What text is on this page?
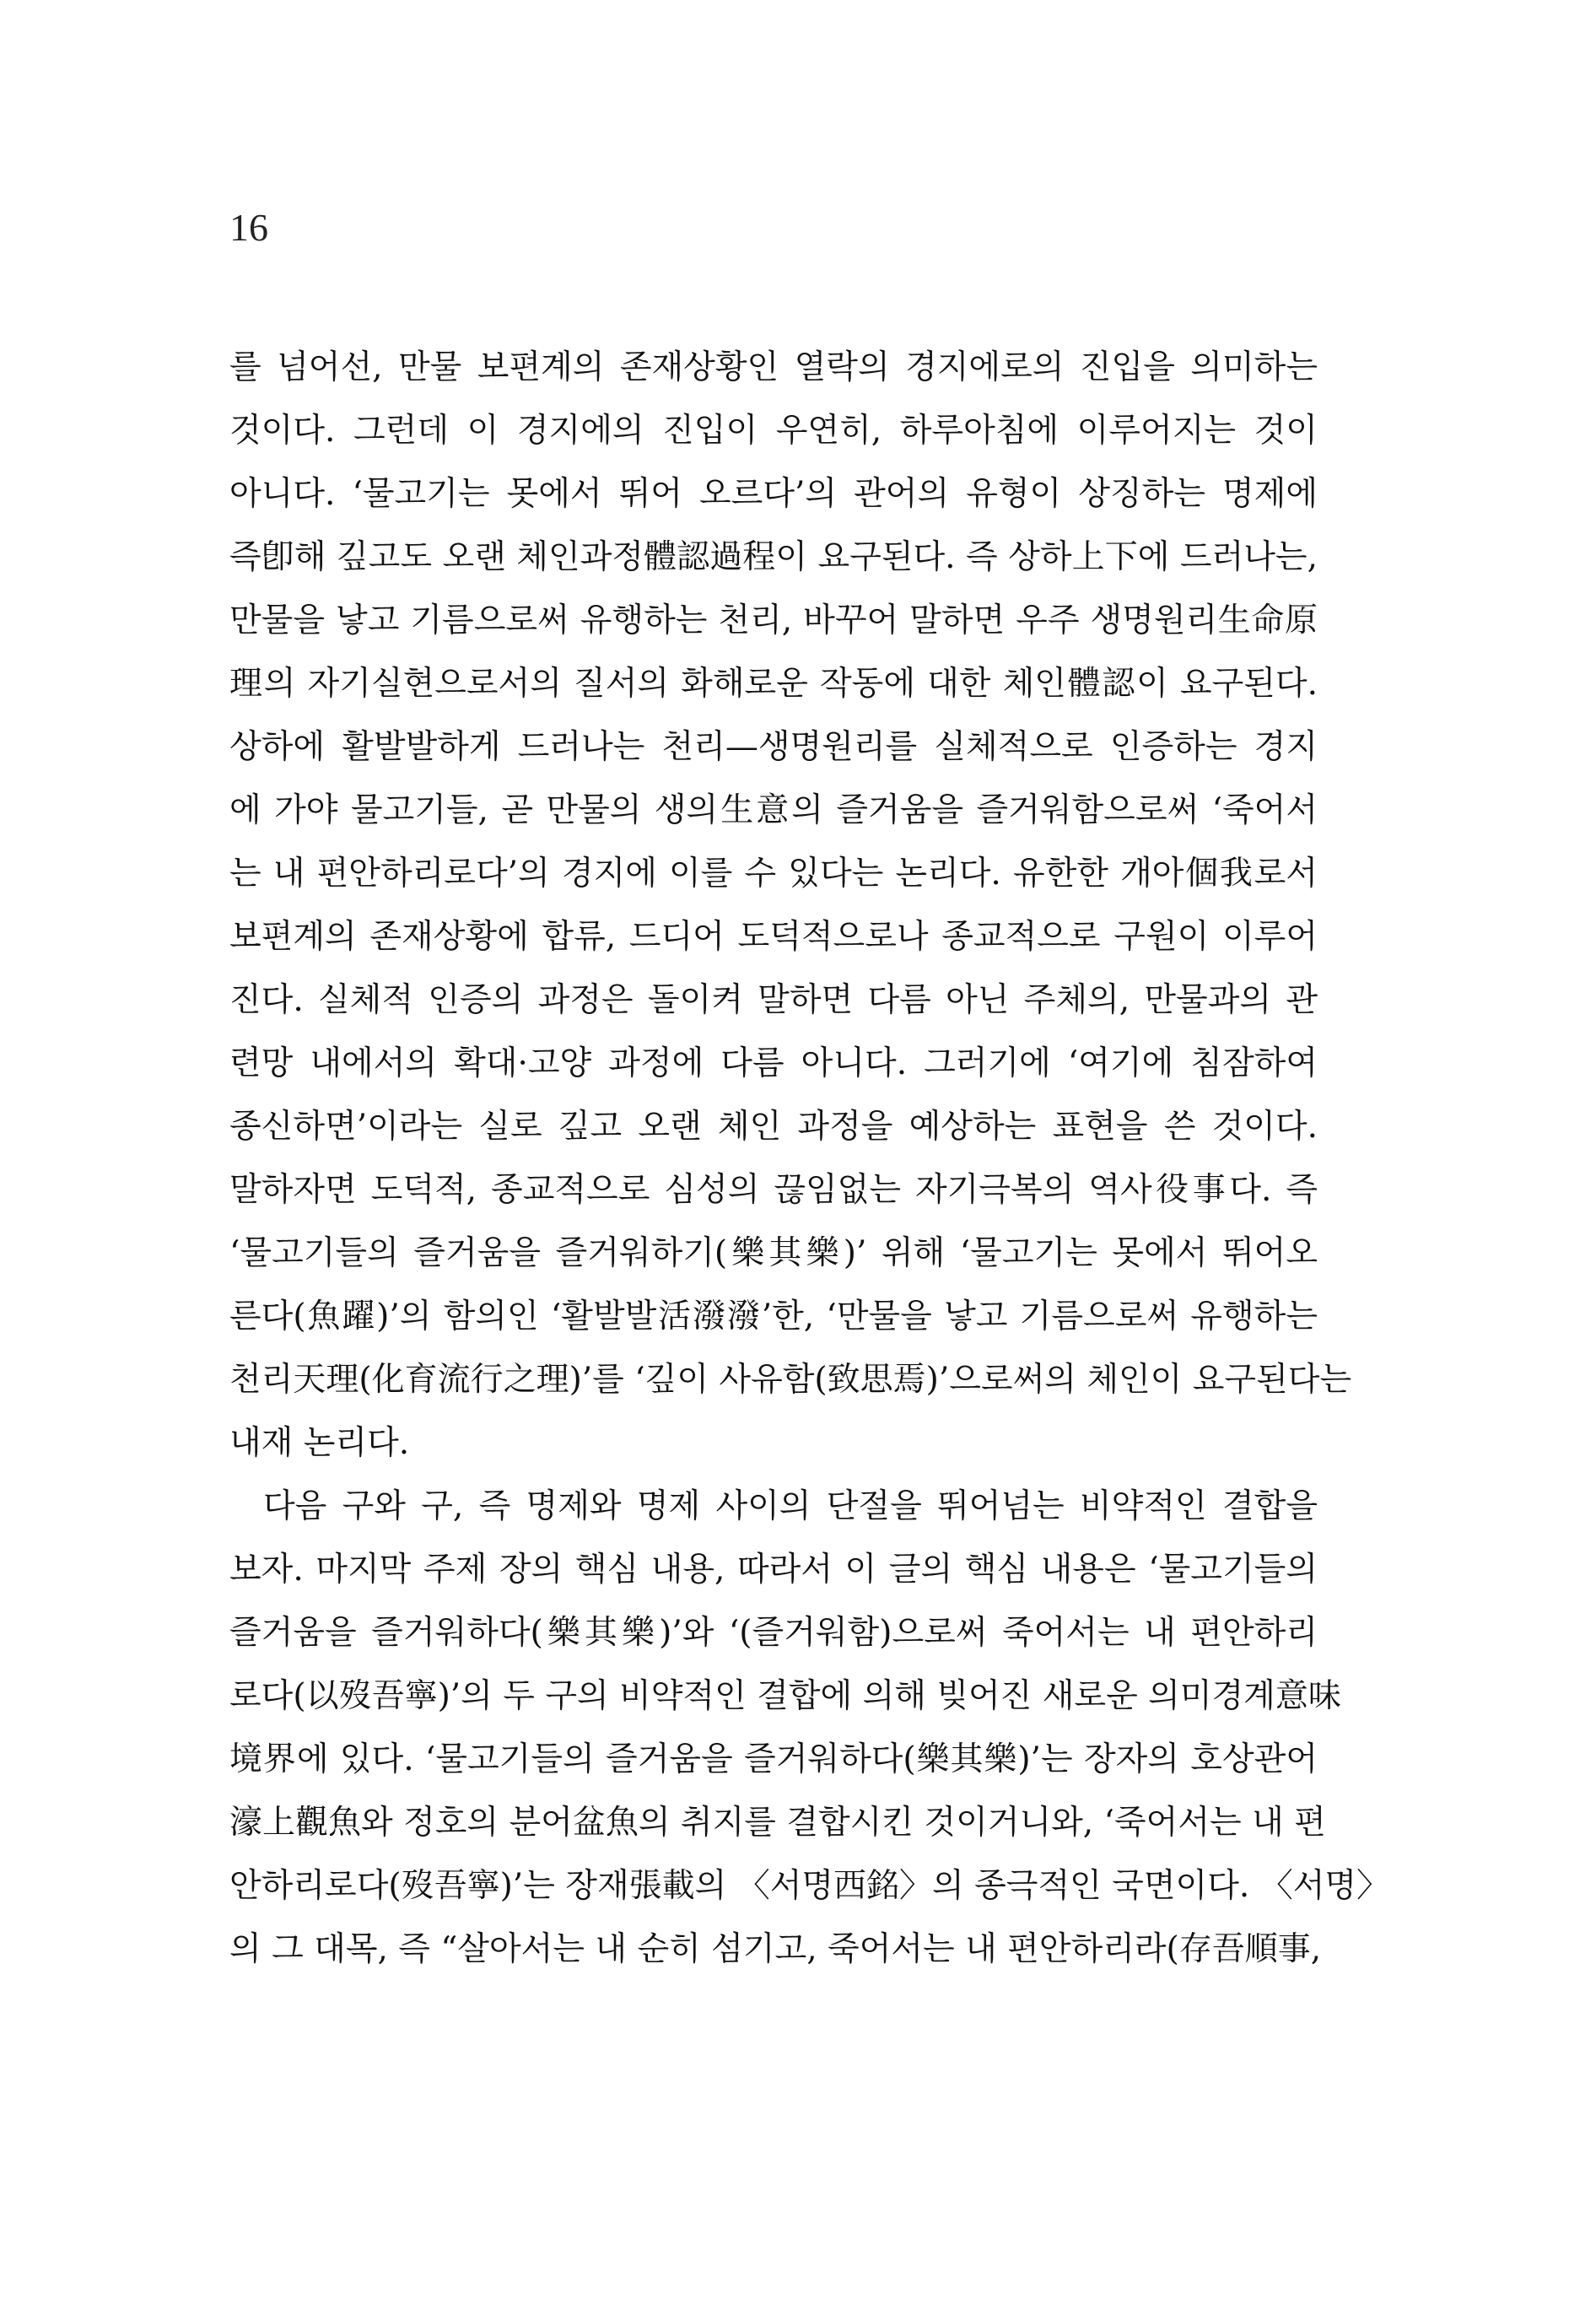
16
를 넘어선, 만물 보편계의 존재상황인 열락의 경지에로의 진입을 의미하는
것이다. 그런데 이 경지에의 진입이 우연히, 하루아침에 이루어지는 것이
아니다. ‘물고기는 못에서 뛰어 오르다’의 관어의 유형이 상징하는 명제에
즉卽해 깊고도 오랜 체인과정體認過程이 요구된다. 즉 상하上下에 드러나는,
만물을 낳고 기름으로써 유행하는 천리, 바꾸어 말하면 우주 생명원리生命原
理의 자기실현으로서의 질서의 화해로운 작동에 대한 체인體認이 요구된다.
상하에 활발발하게 드러나는 천리—생명원리를 실체적으로 인증하는 경지
에 가야 물고기들, 곧 만물의 생의生意의 즐거움을 즐거워함으로써 ‘죽어서
는 내 편안하리로다’의 경지에 이를 수 있다는 논리다. 유한한 개아個我로서
보편계의 존재상황에 합류, 드디어 도덕적으로나 종교적으로 구원이 이루어
진다. 실체적 인증의 과정은 돌이켜 말하면 다름 아닌 주체의, 만물과의 관
련망 내에서의 확대·고양 과정에 다름 아니다. 그러기에 ‘여기에 침잠하여
종신하면’이라는 실로 깊고 오랜 체인 과정을 예상하는 표현을 쓴 것이다.
말하자면 도덕적, 종교적으로 심성의 끊임없는 자기극복의 역사役事다. 즉
‘물고기들의 즐거움을 즐거워하기(樂其樂)’ 위해 ‘물고기는 못에서 뛰어오
른다(魚躍)’의 함의인 ‘활발발活潑潑’한, ‘만물을 낳고 기름으로써 유행하는
천리天理(化育流行之理)’를 ‘깊이 사유함(致思焉)’으로써의 체인이 요구된다는
내재 논리다.
다음 구와 구, 즉 명제와 명제 사이의 단절을 뛰어넘는 비약적인 결합을
보자. 마지막 주제 장의 핵심 내용, 따라서 이 글의 핵심 내용은 ‘물고기들의
즐거움을 즐거워하다(樂其樂)’와 ‘(즐거워함)으로써 죽어서는 내 편안하리
로다(以歿吾寧)’의 두 구의 비약적인 결합에 의해 빚어진 새로운 의미경계意味
境界에 있다. ‘물고기들의 즐거움을 즐거워하다(樂其樂)’는 장자의 호상관어
濠上觀魚와 정호의 분어盆魚의 취지를 결합시킨 것이거니와, ‘죽어서는 내 편
안하리로다(歿吾寧)’는 장재張載의 〈서명西銘〉의 종극적인 국면이다. 〈서명〉
의 그 대목, 즉 “살아서는 내 순히 섬기고, 죽어서는 내 편안하리라(存吾順事,
